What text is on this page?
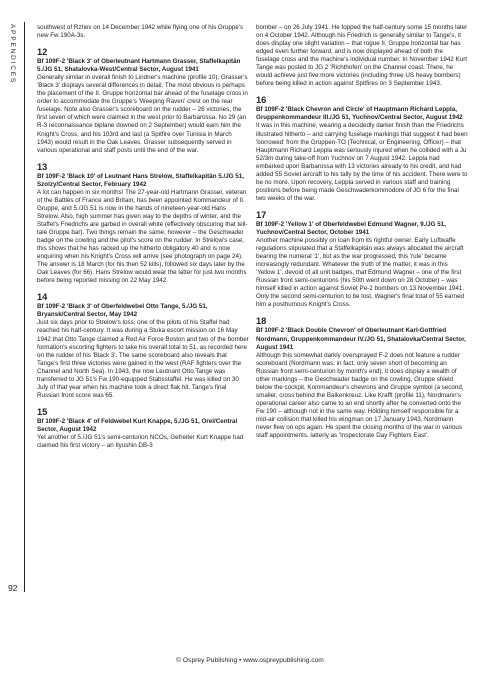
APPENDICES
92

southwest of Rzhev on 14 December 1942 while flying one of his Gruppe's new Fw 190A-3s.

12

Bf 109F-2 'Black 3' of Oberleutnant Hartmann Grasser, Staffelkapitän 5./JG 51, Shatalovka-West/Central Sector, August 1941

Generally similar in overall finish to Lindner's machine (profile 10), Grasser's 'Black 3' displays several differences in detail. The most obvious is perhaps the placement of the II. Gruppe horizontal bar ahead of the fuselage cross in order to accommodate the Gruppe's 'Weeping Raven' crest on the rear fuselage. Note also Grasser's scoreboard on the rudder – 26 victories, the first seven of which were claimed in the west prior to Barbarossa. No 29 (an R-3 reconnaissance biplane downed on 2 September) would earn him the Knight's Cross, and his 103rd and last (a Spitfire over Tunisia in March 1943) would result in the Oak Leaves. Grasser subsequently served in various operational and staff posts until the end of the war.

13

Bf 109F-2 'Black 10' of Leutnant Hans Strelow, Staffelkapitän 5./JG 51, Szolzy/Central Sector, February 1942

A lot can happen in six months! The 27-year-old Hartmann Grasser, veteran of the Battles of France and Britain, has been appointed Kommandeur of II. Gruppe, and 5./JG 51 is now in the hands of nineteen-year-old Hans Strelow. Also, high summer has given way to the depths of winter, and the Staffel's Friedrichs are garbed in overall white (effectively obscuring that tell-tale Gruppe bar). Two things remain the same, however – the Geschwader badge on the cowling and the pilot's score on the rudder. In Strelow's case, this shows that he has racked up the hitherto obligatory 40 and is now enquiring when his Knight's Cross will arrive (see photograph on page 24). The answer is 18 March (for his then 52 kills), followed six days later by the Oak Leaves (for 66). Hans Strelow would wear the latter for just two months before being reported missing on 22 May 1942.

14

Bf 109F-2 'Black 3' of Oberfeldwebel Otto Tange, 5./JG 51, Bryansk/Central Sector, May 1942

Just six days prior to Strelow's loss, one of the pilots of his Staffel had reached his half-century. It was during a Stuka escort mission on 16 May 1942 that Otto Tange claimed a Red Air Force Boston and two of the bomber formation's escorting fighters to take his overall total to 51, as recorded here on the rudder of his 'Black 3'. The same scoreboard also reveals that Tange's first three victories were gained in the west (RAF fighters over the Channel and North Sea). In 1943, the now Leutnant Otto Tange was transferred to JG 51's Fw 190-equipped Stabsstaffel. He was killed on 30 July of that year when his machine took a direct flak hit. Tange's final Russian front score was 65.

15

Bf 109F-2 'Black 4' of Feldwebel Kurt Knappe, 5./JG 51, Orel/Central Sector, August 1942

Yet another of 5./JG 51's semi-centurion NCOs, Gefreiter Kurt Knappe had claimed his first victory – an Ilyushin DB-3

bomber – on 26 July 1941. He topped the half-century some 15 months later on 4 October 1942. Although his Friedrich is generally similar to Tange's, it does display one slight variation – that rogue II. Gruppe horizontal bar has edged even further forward, and is now displayed ahead of both the fuselage cross and the machine's individual number. In November 1942 Kurt Tange was posted to JG 2 'Richthofen' on the Channel coast. There, he would achieve just five more victories (including three US heavy bombers) before being killed in action against Spitfires on 3 September 1943.

16

Bf 109F-2 'Black Chevron and Circle' of Hauptmann Richard Leppla, Gruppenkommandeur III./JG 51, Yuchnov/Central Sector, August 1942

It was in this machine, wearing a decidedly darker finish than the Friedrichs illustrated hitherto – and carrying fuselage markings that suggest it had been 'borrowed' from the Gruppen-TO (Technical, or Engineering, Officer) – that Hauptmann Richard Leppla was seriously injured when he collided with a Ju 52/3m during take-off from Yuchnov on 7 August 1942. Leppla had embarked upon Barbarossa with 13 victories already to his credit, and had added 55 Soviet aircraft to his tally by the time of his accident. There were to be no more. Upon recovery, Leppla served in various staff and training positions before being made Geschwaderkommodore of JG 6 for the final two weeks of the war.

17

Bf 109F-2 'Yellow 1' of Oberfeldwebel Edmund Wagner, 9./JG 51, Yuchnov/Central Sector, October 1941

Another machine possibly on loan from its rightful owner. Early Luftwaffe regulations stipulated that a Staffelkapitän was always allocated the aircraft bearing the numeral '1', but as the war progressed, this 'rule' became increasingly redundant. Whatever the truth of the matter, it was in this 'Yellow 1', devoid of all unit badges, that Edmund Wagner – one of the first Russian front semi-centurions (his 50th went down on 28 October) – was himself killed in action against Soviet Pe-2 bombers on 13 November 1941. Only the second semi-centurion to be lost, Wagner's final total of 55 earned him a posthumous Knight's Cross.

18

Bf 109F-2 'Black Double Chevron' of Oberleutnant Karl-Gottfried Nordmann, Gruppenkommandeur IV./JG 51, Shatalovka/Central Sector, August 1941

Although this somewhat darkly oversprayed F-2 does not feature a rudder scoreboard (Nordmann was, in fact, only seven short of becoming an Russian front semi-centurion by month's end), it does display a wealth of other markings – the Geschwader badge on the cowling, Gruppe shield below the cockpit, Kommandeur's chevrons and Gruppe symbol (a second, smaller, cross behind the Balkenkreuz. Like Krafft (profile 11), Nordmann's operational career also came to an end shortly after he converted onto the Fw 190 – although not in the same way. Holding himself responsible for a mid-air collision that killed his wingman on 17 January 1943, Nordmann never flew on ops again. He spent the closing months of the war in various staff appointments, latterly as 'Inspectorate Day Fighters East'.

© Osprey Publishing • www.ospreypublishing.com
